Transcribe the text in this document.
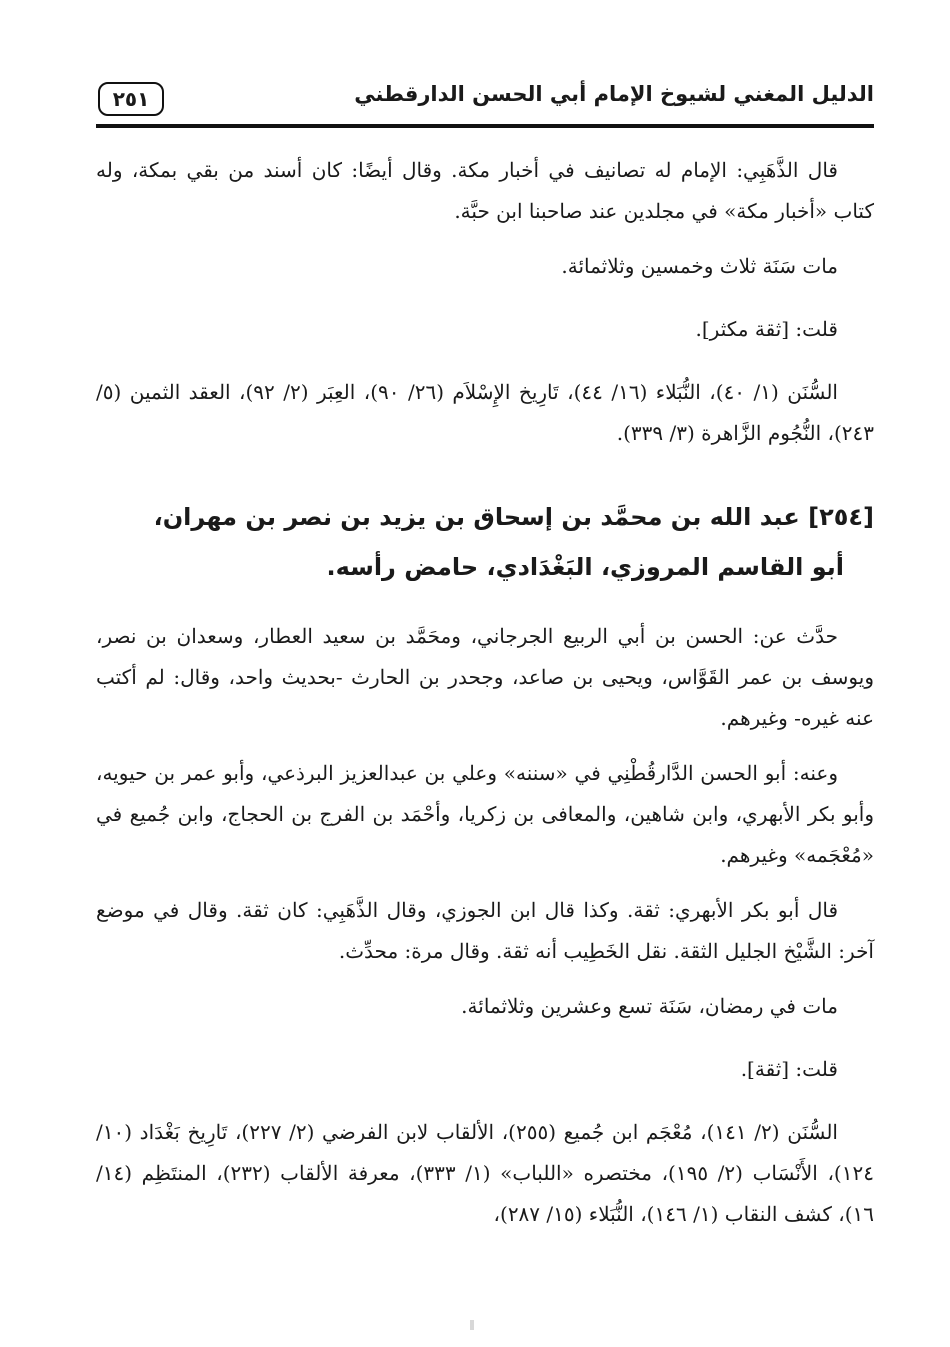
الدليل المغني لشيوخ الإمام أبي الحسن الدارقطني
٢٥١

قال الذَّهَبِي: الإمام له تصانيف في أخبار مكة. وقال أيضًا: كان أسند من بقي بمكة، وله كتاب «أخبار مكة» في مجلدين عند صاحبنا ابن حبَّة.

مات سَنَة ثلاث وخمسين وثلاثمائة.

قلت: [ثقة مكثر].

السُّنَن (١/ ٤٠)، النُّبَلاء (١٦/ ٤٤)، تَارِيخ الإِسْلاَم (٢٦/ ٩٠)، العِبَر (٢/ ٩٢)، العقد الثمين (٥/ ٢٤٣)، النُّجُوم الزَّاهرة (٣/ ٣٣٩).

[٢٥٤] عبد الله بن محمَّد بن إسحاق بن يزيد بن نصر بن مهران،
أبو القاسم المروزي، البَغْدَادي، حامض رأسه.

حدَّث عن: الحسن بن أبي الربيع الجرجاني، ومحَمَّد بن سعيد العطار، وسعدان بن نصر، ويوسف بن عمر القَوَّاس، ويحيى بن صاعد، وجحدر بن الحارث -بحديث واحد، وقال: لم أكتب عنه غيره- وغيرهم.

وعنه: أبو الحسن الدَّارقُطْنِي في «سننه» وعلي بن عبدالعزيز البرذعي، وأبو عمر بن حيويه، وأبو بكر الأبهري، وابن شاهين، والمعافى بن زكريا، وأحْمَد بن الفرج بن الحجاج، وابن جُميع في «مُعْجَمه» وغيرهم.

قال أبو بكر الأبهري: ثقة. وكذا قال ابن الجوزي، وقال الذَّهَبِي: كان ثقة. وقال في موضع آخر: الشَّيْخ الجليل الثقة. نقل الخَطِيب أنه ثقة. وقال مرة: محدِّث.

مات في رمضان، سَنَة تسع وعشرين وثلاثمائة.

قلت: [ثقة].

السُّنَن (٢/ ١٤١)، مُعْجَم ابن جُميع (٢٥٥)، الألقاب لابن الفرضي (٢/ ٢٢٧)، تَارِيخ بَغْدَاد (١٠/ ١٢٤)، الأَنْسَاب (٢/ ١٩٥)، مختصره «اللباب» (١/ ٣٣٣)، معرفة الألقاب (٢٣٢)، المنتَظِم (١٤/ ١٦)، كشف النقاب (١/ ١٤٦)، النُّبَلاء (١٥/ ٢٨٧)،
